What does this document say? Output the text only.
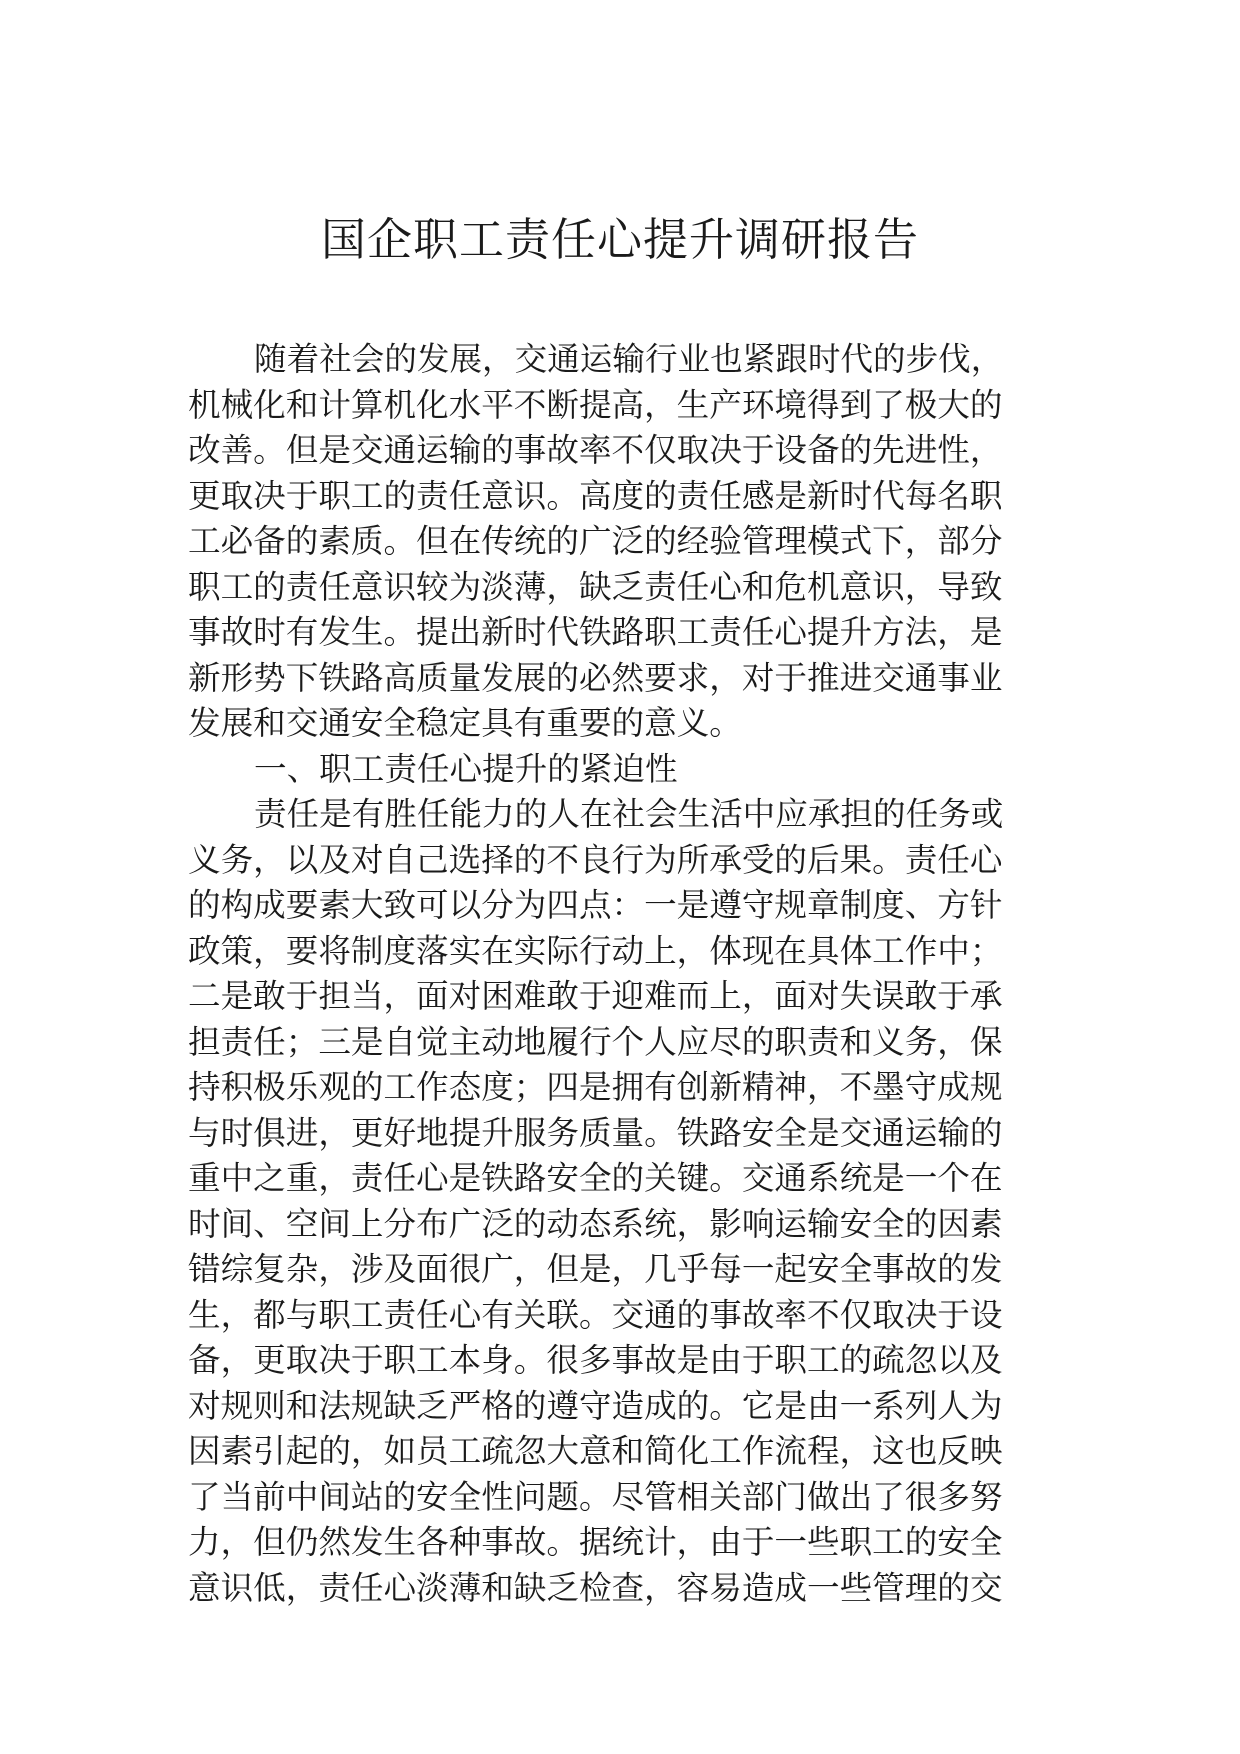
国企职工责任心提升调研报告
随着社会的发展，交通运输行业也紧跟时代的步伐，
机械化和计算机化水平不断提高，生产环境得到了极大的
改善。但是交通运输的事故率不仅取决于设备的先进性，
更取决于职工的责任意识。高度的责任感是新时代每名职
工必备的素质。但在传统的广泛的经验管理模式下，部分
职工的责任意识较为淡薄，缺乏责任心和危机意识，导致
事故时有发生。提出新时代铁路职工责任心提升方法，是
新形势下铁路高质量发展的必然要求，对于推进交通事业
发展和交通安全稳定具有重要的意义。
一、职工责任心提升的紧迫性
责任是有胜任能力的人在社会生活中应承担的任务或
义务，以及对自己选择的不良行为所承受的后果。责任心
的构成要素大致可以分为四点：一是遵守规章制度、方针
政策，要将制度落实在实际行动上，体现在具体工作中；
二是敢于担当，面对困难敢于迎难而上，面对失误敢于承
担责任；三是自觉主动地履行个人应尽的职责和义务，保
持积极乐观的工作态度；四是拥有创新精神，不墨守成规
与时俱进，更好地提升服务质量。铁路安全是交通运输的
重中之重，责任心是铁路安全的关键。交通系统是一个在
时间、空间上分布广泛的动态系统，影响运输安全的因素
错综复杂，涉及面很广，但是，几乎每一起安全事故的发
生，都与职工责任心有关联。交通的事故率不仅取决于设
备，更取决于职工本身。很多事故是由于职工的疏忽以及
对规则和法规缺乏严格的遵守造成的。它是由一系列人为
因素引起的，如员工疏忽大意和简化工作流程，这也反映
了当前中间站的安全性问题。尽管相关部门做出了很多努
力，但仍然发生各种事故。据统计，由于一些职工的安全
意识低，责任心淡薄和缺乏检查，容易造成一些管理的交
